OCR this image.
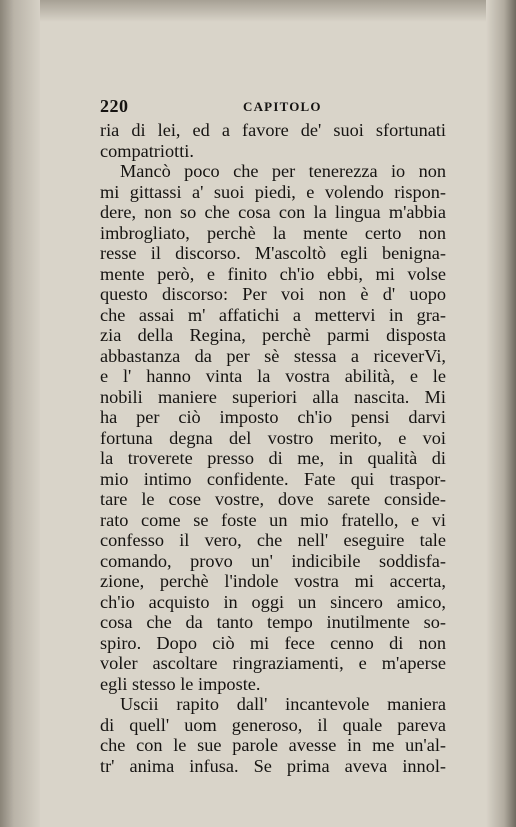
220	CAPITOLO
ria di lei, ed a favore de' suoi sfortunati
compatriotti.
Mancò poco che per tenerezza io non
mi gittassi a' suoi piedi, e volendo rispon-
dere, non so che cosa con la lingua m'abbia
imbrogliato, perchè la mente certo non
resse il discorso. M'ascoltò egli benigna-
mente però, e finito ch'io ebbi, mi volse
questo discorso: Per voi non è d' uopo
che assai m' affatichi a mettervi in gra-
zia della Regina, perchè parmi disposta
abbastanza da per sè stessa a riceverVi,
e l' hanno vinta la vostra abilità, e le
nobili maniere superiori alla nascita. Mi
ha per ciò imposto ch'io pensi darvi
fortuna degna del vostro merito, e voi
la troverete presso di me, in qualità di
mio intimo confidente. Fate qui traspor-
tare le cose vostre, dove sarete conside-
rato come se foste un mio fratello, e vi
confesso il vero, che nell' eseguire tale
comando, provo un' indicibile soddisfa-
zione, perchè l'indole vostra mi accerta,
ch'io acquisto in oggi un sincero amico,
cosa che da tanto tempo inutilmente so-
spiro. Dopo ciò mi fece cenno di non
voler ascoltare ringraziamenti, e m'aperse
egli stesso le imposte.
Uscii rapito dall' incantevole maniera
di quell' uom generoso, il quale pareva
che con le sue parole avesse in me un'al-
tr' anima infusa. Se prima aveva innol-
